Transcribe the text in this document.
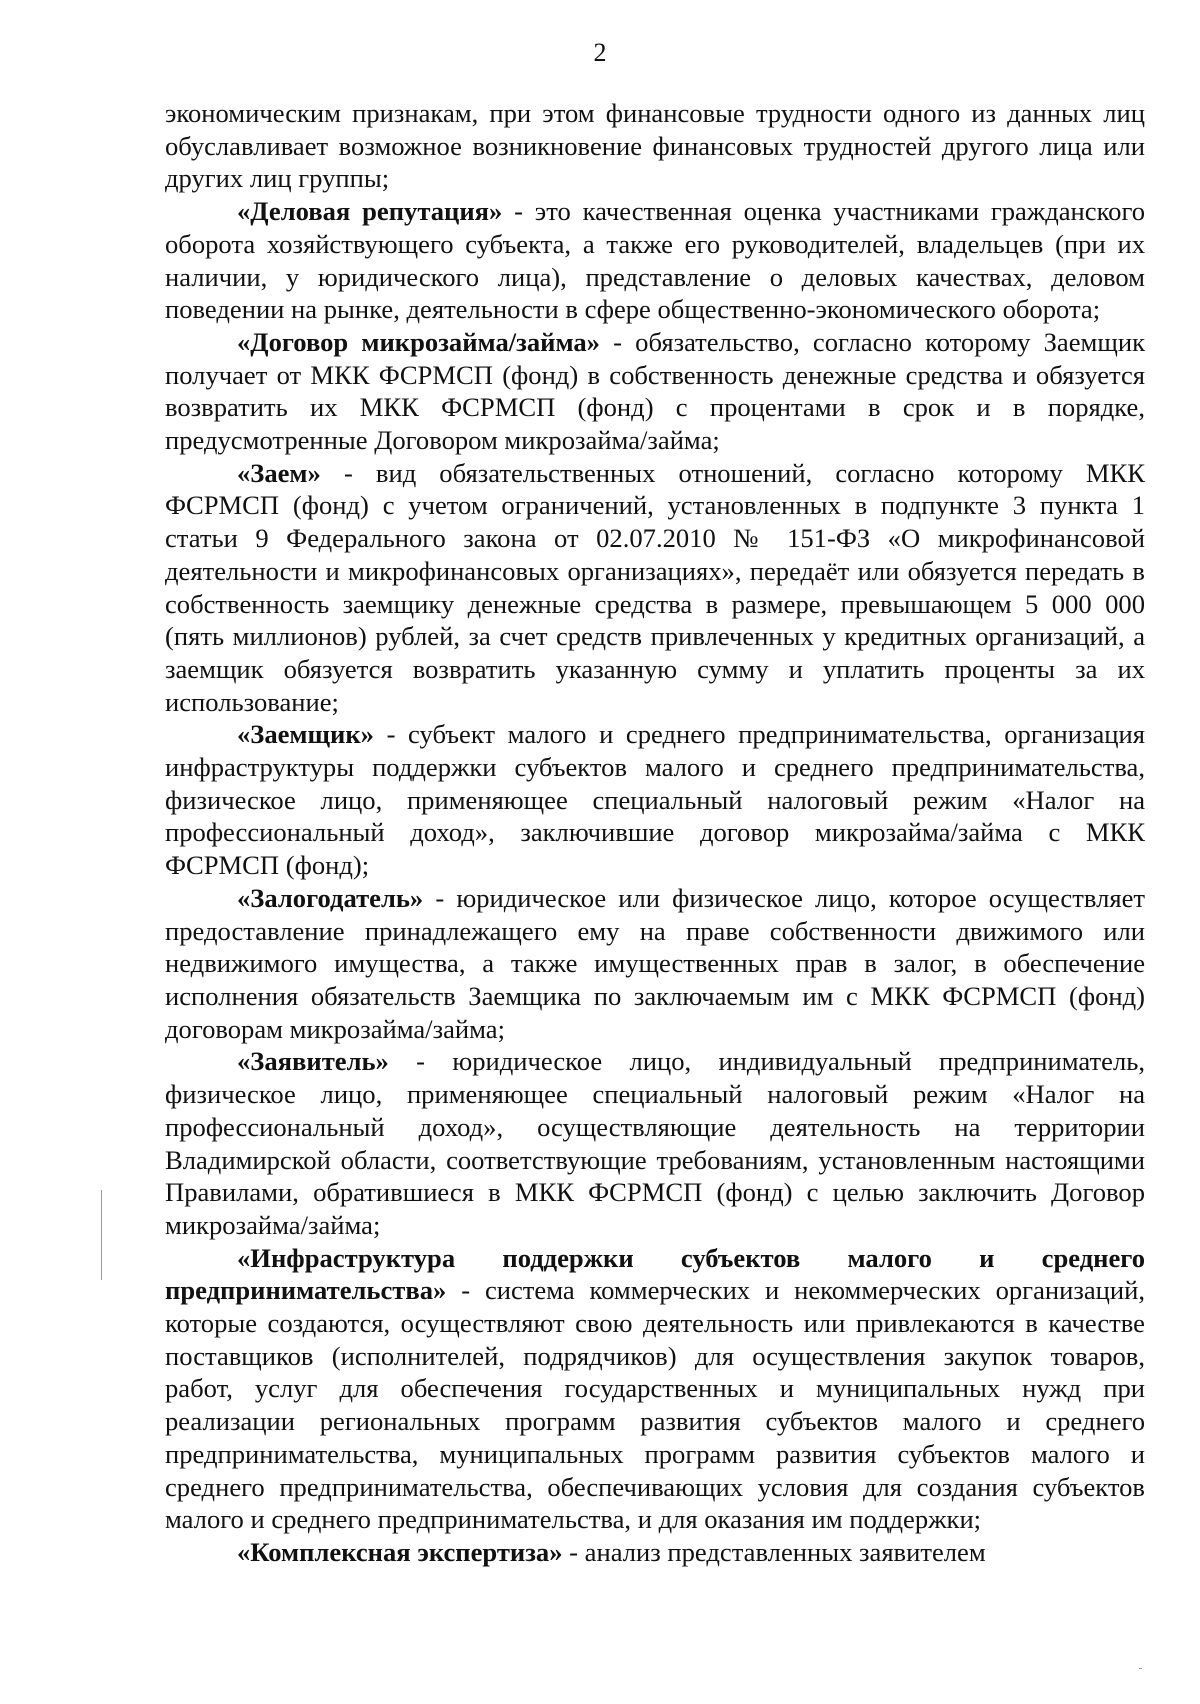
2

экономическим признакам, при этом финансовые трудности одного из данных лиц обуславливает возможное возникновение финансовых трудностей другого лица или других лиц группы;

«Деловая репутация» - это качественная оценка участниками гражданского оборота хозяйствующего субъекта, а также его руководителей, владельцев (при их наличии, у юридического лица), представление о деловых качествах, деловом поведении на рынке, деятельности в сфере общественно-экономического оборота;

«Договор микрозайма/займа» - обязательство, согласно которому Заемщик получает от МКК ФСРМСП (фонд) в собственность денежные средства и обязуется возвратить их МКК ФСРМСП (фонд) с процентами в срок и в порядке, предусмотренные Договором микрозайма/займа;

«Заем» - вид обязательственных отношений, согласно которому МКК ФСРМСП (фонд) с учетом ограничений, установленных в подпункте 3 пункта 1 статьи 9 Федерального закона от 02.07.2010 № 151-ФЗ «О микрофинансовой деятельности и микрофинансовых организациях», передаёт или обязуется передать в собственность заемщику денежные средства в размере, превышающем 5 000 000 (пять миллионов) рублей, за счет средств привлеченных у кредитных организаций, а заемщик обязуется возвратить указанную сумму и уплатить проценты за их использование;

«Заемщик» - субъект малого и среднего предпринимательства, организация инфраструктуры поддержки субъектов малого и среднего предпринимательства, физическое лицо, применяющее специальный налоговый режим «Налог на профессиональный доход», заключившие договор микрозайма/займа с МКК ФСРМСП (фонд);

«Залогодатель» - юридическое или физическое лицо, которое осуществляет предоставление принадлежащего ему на праве собственности движимого или недвижимого имущества, а также имущественных прав в залог, в обеспечение исполнения обязательств Заемщика по заключаемым им с МКК ФСРМСП (фонд) договорам микрозайма/займа;

«Заявитель» - юридическое лицо, индивидуальный предприниматель, физическое лицо, применяющее специальный налоговый режим «Налог на профессиональный доход», осуществляющие деятельность на территории Владимирской области, соответствующие требованиям, установленным настоящими Правилами, обратившиеся в МКК ФСРМСП (фонд) с целью заключить Договор микрозайма/займа;

«Инфраструктура поддержки субъектов малого и среднего предпринимательства» - система коммерческих и некоммерческих организаций, которые создаются, осуществляют свою деятельность или привлекаются в качестве поставщиков (исполнителей, подрядчиков) для осуществления закупок товаров, работ, услуг для обеспечения государственных и муниципальных нужд при реализации региональных программ развития субъектов малого и среднего предпринимательства, муниципальных программ развития субъектов малого и среднего предпринимательства, обеспечивающих условия для создания субъектов малого и среднего предпринимательства, и для оказания им поддержки;

«Комплексная экспертиза» - анализ представленных заявителем
